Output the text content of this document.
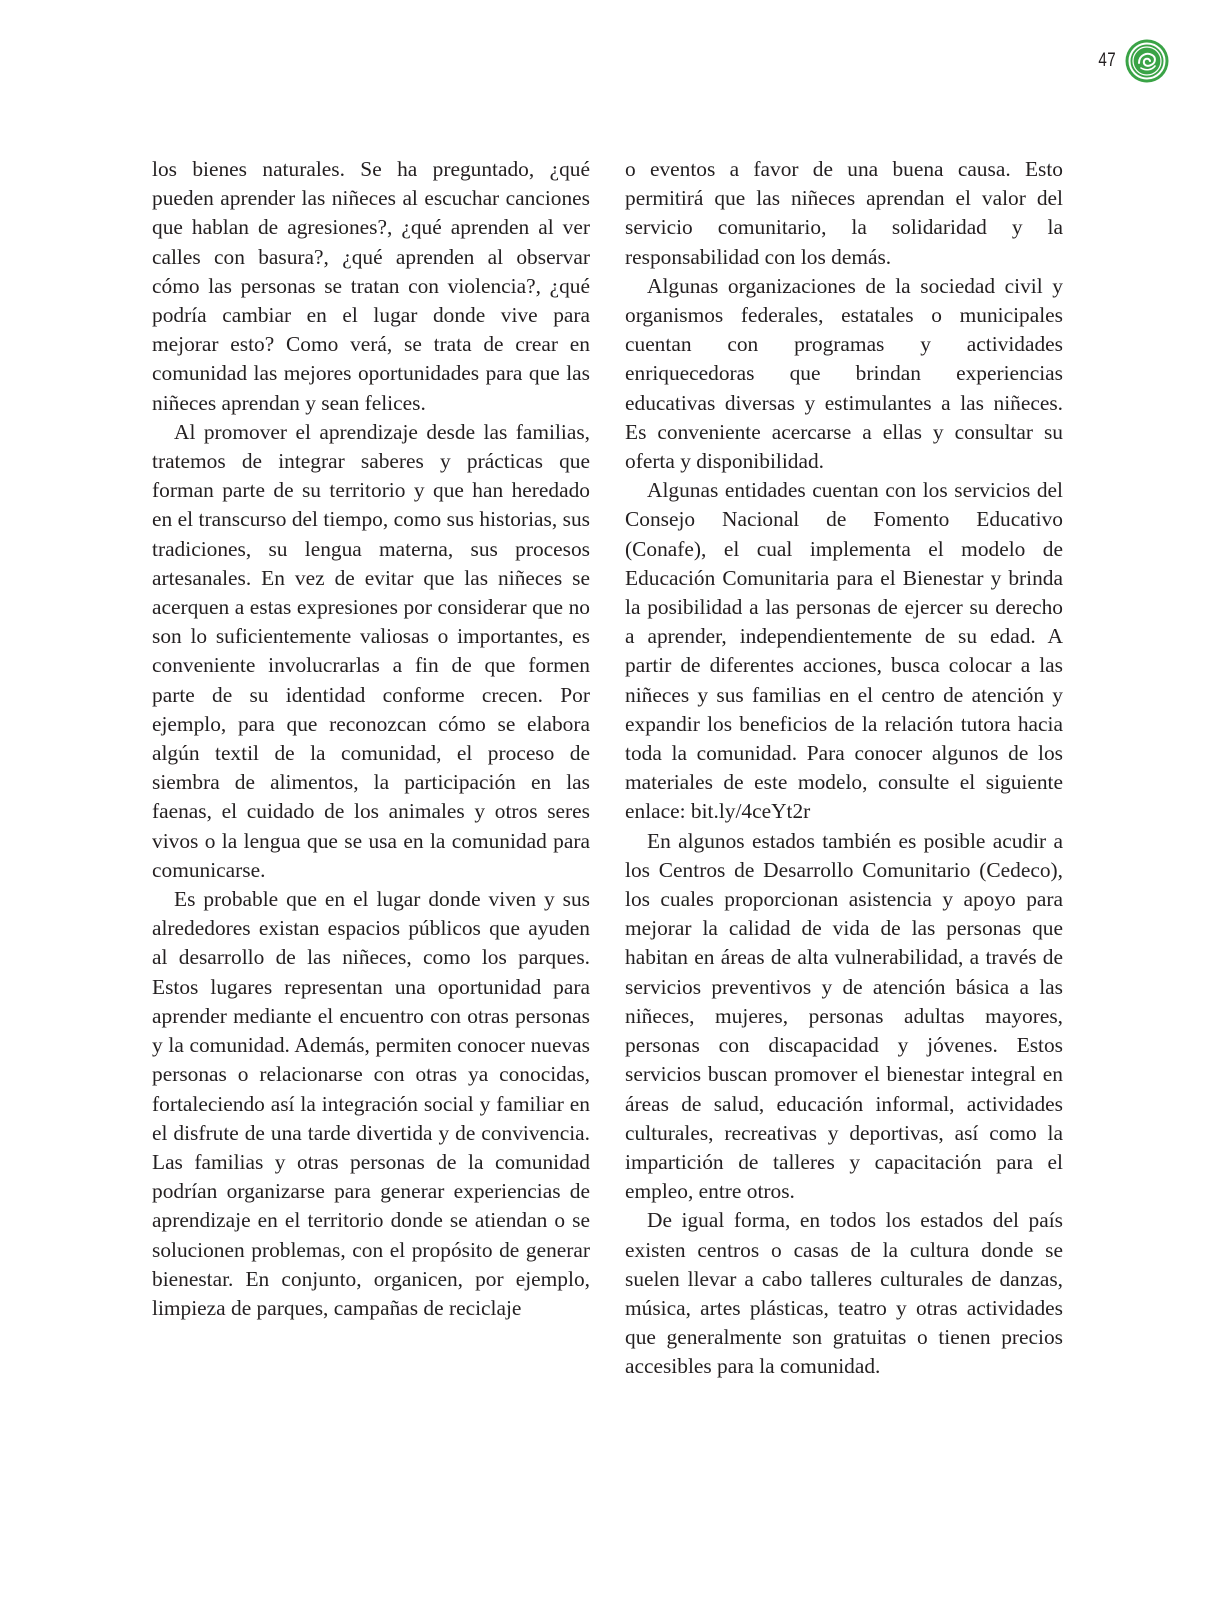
47

los bienes naturales. Se ha preguntado, ¿qué pueden aprender las niñeces al escuchar canciones que hablan de agresiones?, ¿qué aprenden al ver calles con basura?, ¿qué aprenden al observar cómo las personas se tratan con violencia?, ¿qué podría cambiar en el lugar donde vive para mejorar esto? Como verá, se trata de crear en comunidad las mejores oportunidades para que las niñeces aprendan y sean felices.

Al promover el aprendizaje desde las familias, tratemos de integrar saberes y prácticas que forman parte de su territorio y que han heredado en el transcurso del tiempo, como sus historias, sus tradiciones, su lengua materna, sus procesos artesanales. En vez de evitar que las niñeces se acerquen a estas expresiones por considerar que no son lo suficientemente valiosas o importantes, es conveniente involucrarlas a fin de que formen parte de su identidad conforme crecen. Por ejemplo, para que reconozcan cómo se elabora algún textil de la comunidad, el proceso de siembra de alimentos, la participación en las faenas, el cuidado de los animales y otros seres vivos o la lengua que se usa en la comunidad para comunicarse.

Es probable que en el lugar donde viven y sus alrededores existan espacios públicos que ayuden al desarrollo de las niñeces, como los parques. Estos lugares representan una oportunidad para aprender mediante el encuentro con otras personas y la comunidad. Además, permiten conocer nuevas personas o relacionarse con otras ya conocidas, fortaleciendo así la integración social y familiar en el disfrute de una tarde divertida y de convivencia. Las familias y otras personas de la comunidad podrían organizarse para generar experiencias de aprendizaje en el territorio donde se atiendan o se solucionen problemas, con el propósito de generar bienestar. En conjunto, organicen, por ejemplo, limpieza de parques, campañas de reciclaje

o eventos a favor de una buena causa. Esto permitirá que las niñeces aprendan el valor del servicio comunitario, la solidaridad y la responsabilidad con los demás.

Algunas organizaciones de la sociedad civil y organismos federales, estatales o municipales cuentan con programas y actividades enriquecedoras que brindan experiencias educativas diversas y estimulantes a las niñeces. Es conveniente acercarse a ellas y consultar su oferta y disponibilidad.

Algunas entidades cuentan con los servicios del Consejo Nacional de Fomento Educativo (Conafe), el cual implementa el modelo de Educación Comunitaria para el Bienestar y brinda la posibilidad a las personas de ejercer su derecho a aprender, independientemente de su edad. A partir de diferentes acciones, busca colocar a las niñeces y sus familias en el centro de atención y expandir los beneficios de la relación tutora hacia toda la comunidad. Para conocer algunos de los materiales de este modelo, consulte el siguiente enlace: bit.ly/4ceYt2r

En algunos estados también es posible acudir a los Centros de Desarrollo Comunitario (Cedeco), los cuales proporcionan asistencia y apoyo para mejorar la calidad de vida de las personas que habitan en áreas de alta vulnerabilidad, a través de servicios preventivos y de atención básica a las niñeces, mujeres, personas adultas mayores, personas con discapacidad y jóvenes. Estos servicios buscan promover el bienestar integral en áreas de salud, educación informal, actividades culturales, recreativas y deportivas, así como la impartición de talleres y capacitación para el empleo, entre otros.

De igual forma, en todos los estados del país existen centros o casas de la cultura donde se suelen llevar a cabo talleres culturales de danzas, música, artes plásticas, teatro y otras actividades que generalmente son gratuitas o tienen precios accesibles para la comunidad.
